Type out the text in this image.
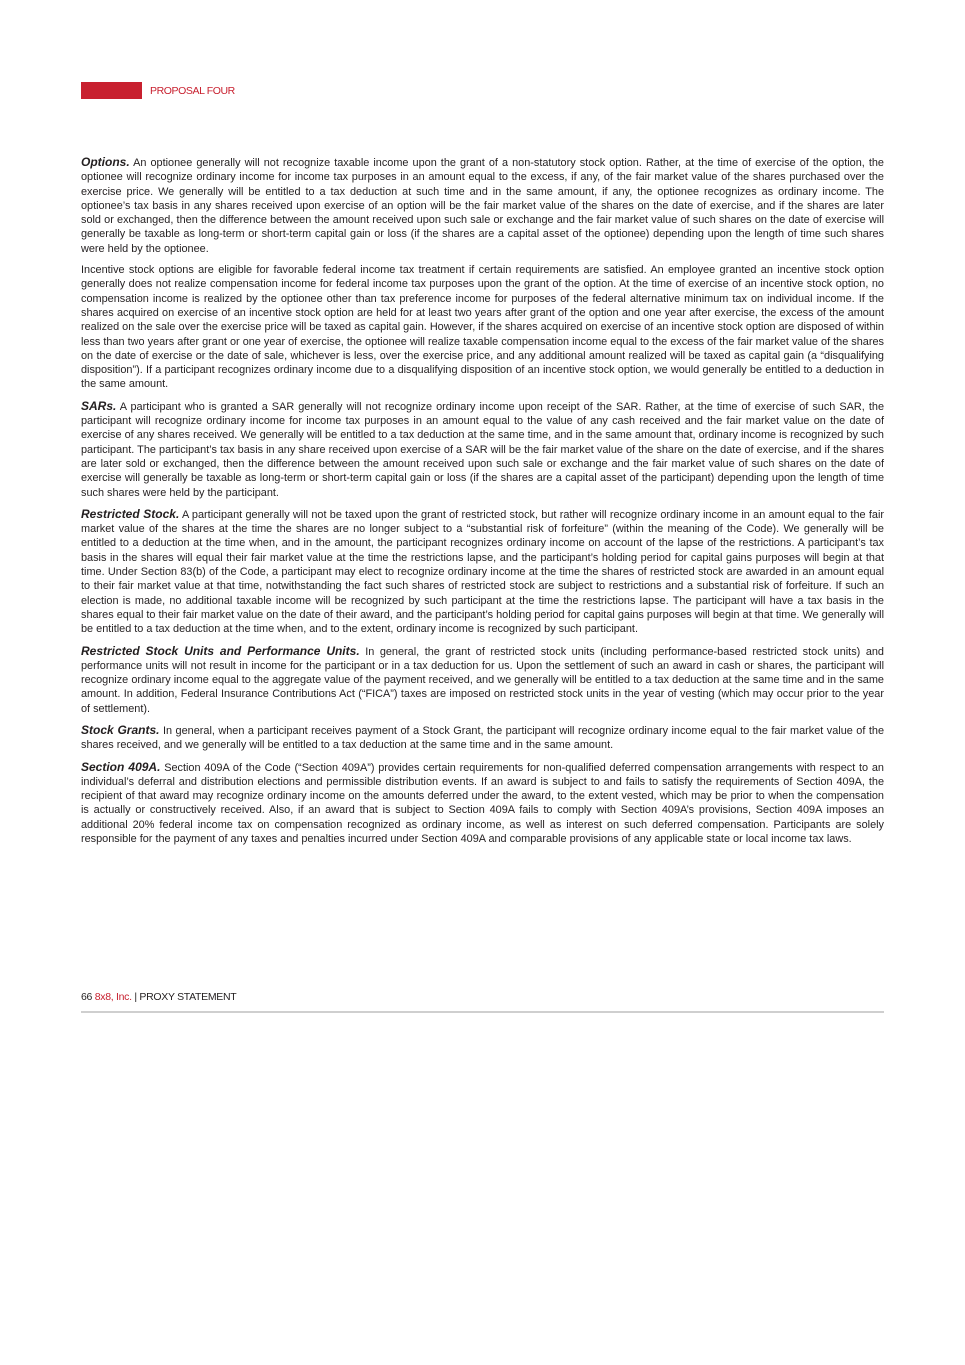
PROPOSAL FOUR

Options. An optionee generally will not recognize taxable income upon the grant of a non-statutory stock option. Rather, at the time of exercise of the option, the optionee will recognize ordinary income for income tax purposes in an amount equal to the excess, if any, of the fair market value of the shares purchased over the exercise price. We generally will be entitled to a tax deduction at such time and in the same amount, if any, the optionee recognizes as ordinary income. The optionee’s tax basis in any shares received upon exercise of an option will be the fair market value of the shares on the date of exercise, and if the shares are later sold or exchanged, then the difference between the amount received upon such sale or exchange and the fair market value of such shares on the date of exercise will generally be taxable as long-term or short-term capital gain or loss (if the shares are a capital asset of the optionee) depending upon the length of time such shares were held by the optionee.

Incentive stock options are eligible for favorable federal income tax treatment if certain requirements are satisfied. An employee granted an incentive stock option generally does not realize compensation income for federal income tax purposes upon the grant of the option. At the time of exercise of an incentive stock option, no compensation income is realized by the optionee other than tax preference income for purposes of the federal alternative minimum tax on individual income. If the shares acquired on exercise of an incentive stock option are held for at least two years after grant of the option and one year after exercise, the excess of the amount realized on the sale over the exercise price will be taxed as capital gain. However, if the shares acquired on exercise of an incentive stock option are disposed of within less than two years after grant or one year of exercise, the optionee will realize taxable compensation income equal to the excess of the fair market value of the shares on the date of exercise or the date of sale, whichever is less, over the exercise price, and any additional amount realized will be taxed as capital gain (a “disqualifying disposition”). If a participant recognizes ordinary income due to a disqualifying disposition of an incentive stock option, we would generally be entitled to a deduction in the same amount.

SARs. A participant who is granted a SAR generally will not recognize ordinary income upon receipt of the SAR. Rather, at the time of exercise of such SAR, the participant will recognize ordinary income for income tax purposes in an amount equal to the value of any cash received and the fair market value on the date of exercise of any shares received. We generally will be entitled to a tax deduction at the same time, and in the same amount that, ordinary income is recognized by such participant. The participant’s tax basis in any share received upon exercise of a SAR will be the fair market value of the share on the date of exercise, and if the shares are later sold or exchanged, then the difference between the amount received upon such sale or exchange and the fair market value of such shares on the date of exercise will generally be taxable as long-term or short-term capital gain or loss (if the shares are a capital asset of the participant) depending upon the length of time such shares were held by the participant.

Restricted Stock. A participant generally will not be taxed upon the grant of restricted stock, but rather will recognize ordinary income in an amount equal to the fair market value of the shares at the time the shares are no longer subject to a “substantial risk of forfeiture” (within the meaning of the Code). We generally will be entitled to a deduction at the time when, and in the amount, the participant recognizes ordinary income on account of the lapse of the restrictions. A participant’s tax basis in the shares will equal their fair market value at the time the restrictions lapse, and the participant’s holding period for capital gains purposes will begin at that time. Under Section 83(b) of the Code, a participant may elect to recognize ordinary income at the time the shares of restricted stock are awarded in an amount equal to their fair market value at that time, notwithstanding the fact such shares of restricted stock are subject to restrictions and a substantial risk of forfeiture. If such an election is made, no additional taxable income will be recognized by such participant at the time the restrictions lapse. The participant will have a tax basis in the shares equal to their fair market value on the date of their award, and the participant’s holding period for capital gains purposes will begin at that time. We generally will be entitled to a tax deduction at the time when, and to the extent, ordinary income is recognized by such participant.

Restricted Stock Units and Performance Units. In general, the grant of restricted stock units (including performance-based restricted stock units) and performance units will not result in income for the participant or in a tax deduction for us. Upon the settlement of such an award in cash or shares, the participant will recognize ordinary income equal to the aggregate value of the payment received, and we generally will be entitled to a tax deduction at the same time and in the same amount. In addition, Federal Insurance Contributions Act (“FICA”) taxes are imposed on restricted stock units in the year of vesting (which may occur prior to the year of settlement).

Stock Grants. In general, when a participant receives payment of a Stock Grant, the participant will recognize ordinary income equal to the fair market value of the shares received, and we generally will be entitled to a tax deduction at the same time and in the same amount.

Section 409A. Section 409A of the Code (“Section 409A”) provides certain requirements for non-qualified deferred compensation arrangements with respect to an individual’s deferral and distribution elections and permissible distribution events. If an award is subject to and fails to satisfy the requirements of Section 409A, the recipient of that award may recognize ordinary income on the amounts deferred under the award, to the extent vested, which may be prior to when the compensation is actually or constructively received. Also, if an award that is subject to Section 409A fails to comply with Section 409A’s provisions, Section 409A imposes an additional 20% federal income tax on compensation recognized as ordinary income, as well as interest on such deferred compensation. Participants are solely responsible for the payment of any taxes and penalties incurred under Section 409A and comparable provisions of any applicable state or local income tax laws.

66 8x8, Inc. | PROXY STATEMENT
